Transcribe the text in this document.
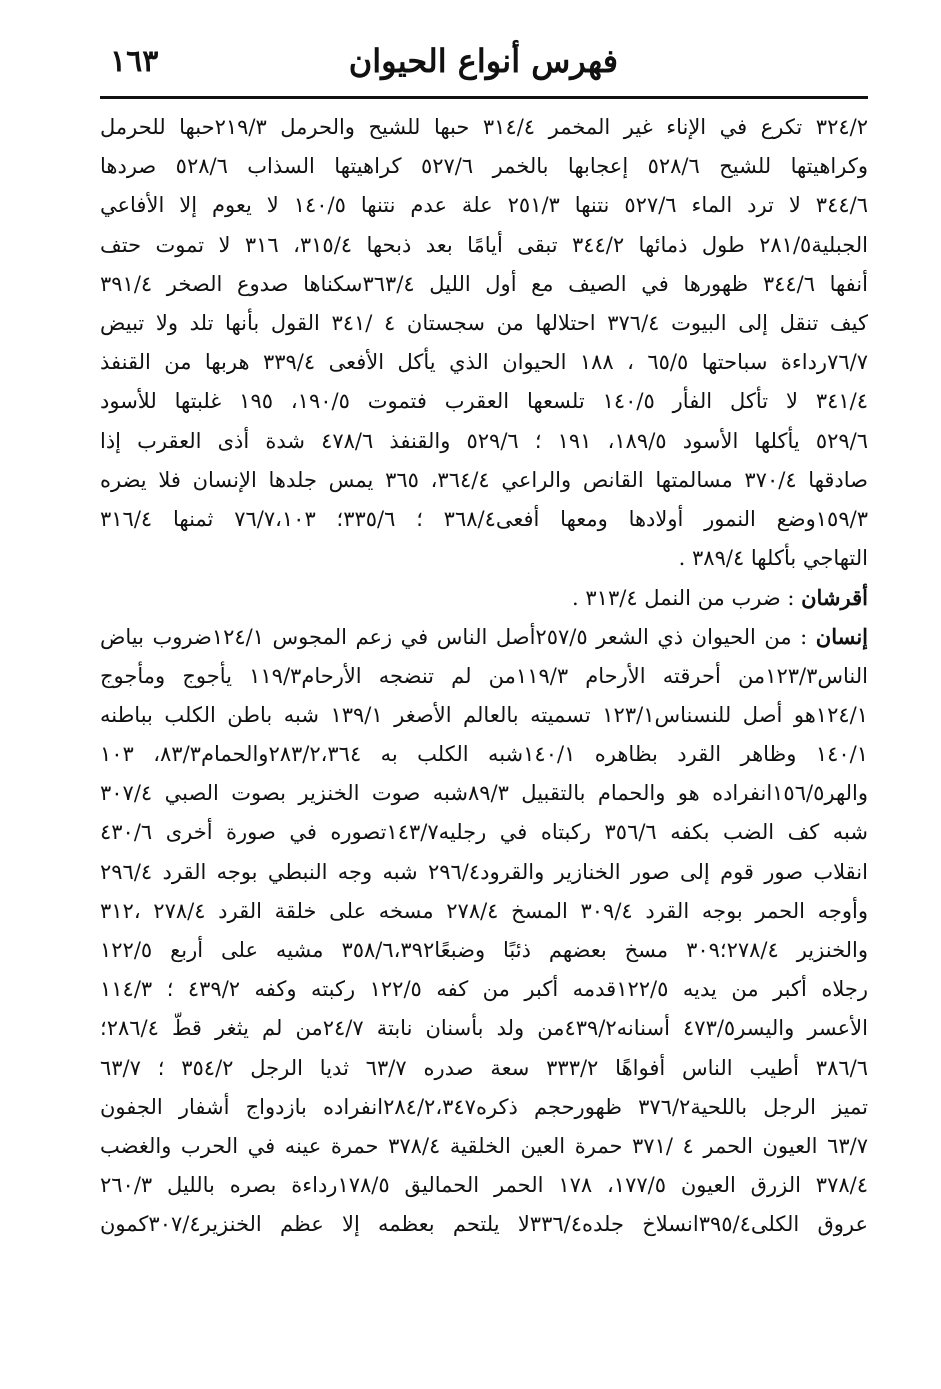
١٦٣	فهرس أنواع الحيوان
٣٢٤/٢ تكرع في الإناء غير المخمر ٣١٤/٤ حبها للشيح والحرمل ٢١٩/٣حبها للحرمل
وكراهيتها للشيح ٥٢٨/٦ إعجابها بالخمر ٥٢٧/٦ كراهيتها السذاب ٥٢٨/٦ صردها
٣٤٤/٦ لا ترد الماء ٥٢٧/٦ نتنها ٢٥١/٣ علة عدم نتنها ١٤٠/٥ لا يعوم إلا الأفاعي
الجبلية٢٨١/٥ طول ذمائها ٣٤٤/٢ تبقى أيامًا بعد ذبحها ٣١٥/٤، ٣١٦ لا تموت حتف
أنفها ٣٤٤/٦ ظهورها في الصيف مع أول الليل ٣٦٣/٤سكناها صدوع الصخر ٣٩١/٤
كيف تنقل إلى البيوت ٣٧٦/٤ احتلالها من سجستان ٤ /٣٤١ القول بأنها تلد ولا تبيض
٧٦/٧رداءة سباحتها ٦٥/٥ ، ١٨٨ الحيوان الذي يأكل الأفعى ٣٣٩/٤ هربها من القنفذ
٣٤١/٤ لا تأكل الفأر ١٤٠/٥ تلسعها العقرب فتموت ١٩٠/٥، ١٩٥ غلبتها للأسود
٥٢٩/٦ يأكلها الأسود ١٨٩/٥، ١٩١ ؛ ٥٢٩/٦ والقنفذ ٤٧٨/٦ شدة أذى العقرب إذا
صادقها ٣٧٠/٤ مسالمتها القانص والراعي ٣٦٤/٤، ٣٦٥ يمس جلدها الإنسان فلا يضره
١٥٩/٣وضع النمور أولادها ومعها أفعى٣٦٨/٤ ؛ ٣٣٥/٦؛ ٧٦/٧،١٠٣ ثمنها ٣١٦/٤
التهاجي بأكلها ٣٨٩/٤ .
أقرشان : ضرب من النمل ٣١٣/٤ .
إنسان : من الحيوان ذي الشعر ٢٥٧/٥أصل الناس في زعم المجوس ١٢٤/١ضروب بياض
الناس١٢٣/٣من أحرقته الأرحام ١١٩/٣من لم تنضجه الأرحام١١٩/٣ يأجوج ومأجوج
١٢٤/١هو أصل للنسناس١٢٣/١ تسميته بالعالم الأصغر ١٣٩/١ شبه باطن الكلب بباطنه
١٤٠/١ وظاهر القرد بظاهره ١٤٠/١شبه الكلب به ٢٨٣/٢،٣٦٤والحمام٨٣/٣، ١٠٣
والهر١٥٦/٥انفراده هو والحمام بالتقبيل ٨٩/٣شبه صوت الخنزير بصوت الصبي ٣٠٧/٤
شبه كف الضب بكفه ٣٥٦/٦ ركبتاه في رجليه١٤٣/٧تصوره في صورة أخرى ٤٣٠/٦
انقلاب صور قوم إلى صور الخنازير والقرود٢٩٦/٤ شبه وجه النبطي بوجه القرد ٢٩٦/٤
وأوجه الحمر بوجه القرد ٣٠٩/٤ المسخ ٢٧٨/٤ مسخه على خلقة القرد ٢٧٨/٤ ،٣١٢
والخنزير ٢٧٨/٤؛٣٠٩ مسخ بعضهم ذئبًا وضبعًا٣٥٨/٦،٣٩٢ مشيه على أربع ١٢٢/٥
رجلاه أكبر من يديه ١٢٢/٥قدمه أكبر من كفه ١٢٢/٥ ركبته وكفه ٤٣٩/٢ ؛ ١١٤/٣
الأعسر واليسر٤٧٣/٥ أسنانه٤٣٩/٢من ولد بأسنان نابتة ٢٤/٧من لم يثغر قطّ ٢٨٦/٤؛
٣٨٦/٦ أطيب الناس أفواهًا ٣٣٣/٢ سعة صدره ٦٣/٧ ثديا الرجل ٣٥٤/٢ ؛ ٦٣/٧
تميز الرجل باللحية٣٧٦/٢ ظهورحجم ذكره٢٨٤/٢،٣٤٧انفراده بازدواج أشفار الجفون
٦٣/٧ العيون الحمر ٤ /٣٧١ حمرة العين الخلقية ٣٧٨/٤ حمرة عينه في الحرب والغضب
٣٧٨/٤ الزرق العيون ١٧٧/٥، ١٧٨ الحمر الحماليق ١٧٨/٥رداءة بصره بالليل ٢٦٠/٣
عروق الكلى٣٩٥/٤انسلاخ جلده٣٣٦/٤لا يلتحم بعظمه إلا عظم الخنزير٣٠٧/٤كمون
